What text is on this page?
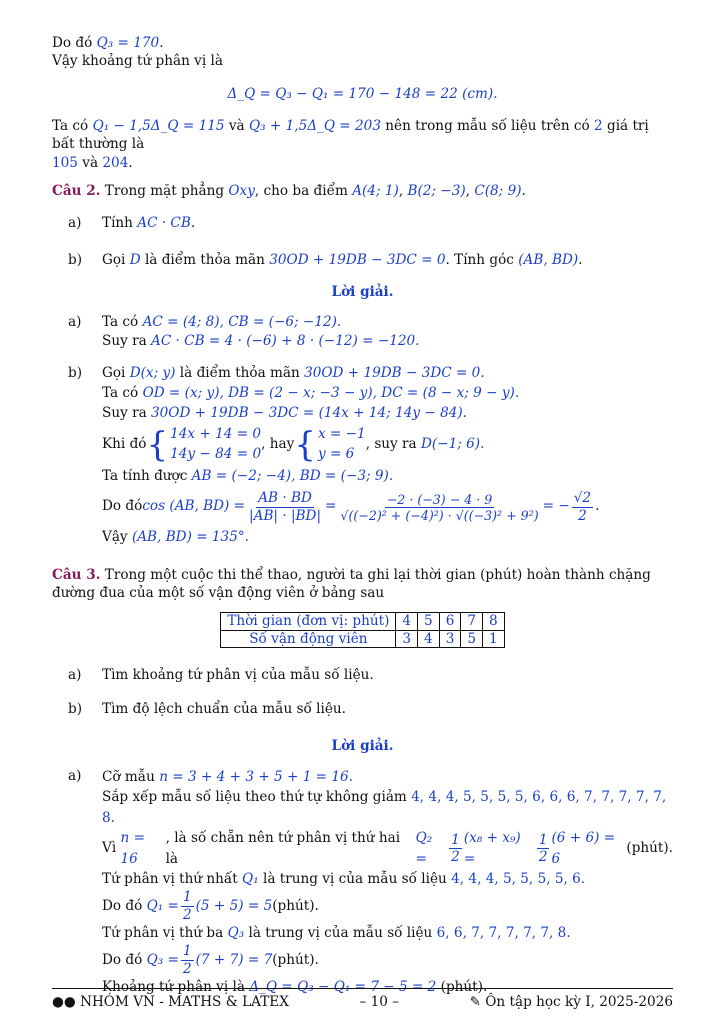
Do đó Q₃ = 170.

Vậy khoảng tứ phân vị là

Δ_Q = Q₃ − Q₁ = 170 − 148 = 22 (cm).

Ta có Q₁ − 1,5Δ_Q = 115 và Q₃ + 1,5Δ_Q = 203 nên trong mẫu số liệu trên có 2 giá trị bất thường là
105 và 204.

Câu 2. Trong mặt phẳng Oxy, cho ba điểm A(4; 1), B(2; −3), C(8; 9).

a)	Tính AC · CB.
b)	Gọi D là điểm thỏa mãn 30OD + 19DB − 3DC = 0. Tính góc (AB, BD).

Lời giải.

a)	Ta có AC = (4; 8), CB = (−6; −12).
Suy ra AC · CB = 4 · (−6) + 8 · (−12) = −120.
b)	Gọi D(x; y) là điểm thỏa mãn 30OD + 19DB − 3DC = 0.
Ta có OD = (x; y), DB = (2 − x; −3 − y), DC = (8 − x; 9 − y).
Suy ra 30OD + 19DB − 3DC = (14x + 14; 14y − 84).

Khi đó { 14x + 14 = 0
14y − 84 = 0
, hay { x = −1
y = 6
, suy ra
D(−1; 6).

Ta tính được AB = (−2; −4), BD = (−3; 9).

Do đó cos (AB, $BD) = \frac{AB \cdot BD}{|AB| \cdot |BD|} = \frac{-2 \cdot (-3) - 4 \cdot 9}{\text{√((−2)² + (−4)²) · √((−3)² + 9²)}}$ = − $\frac{√2}{2}$ .

Vậy (AB, BD) = 135°.

Câu 3. Trong một cuộc thi thể thao, người ta ghi lại thời gian (phút) hoàn thành chặng đường đua của một số vận động viên ở bảng sau

Thời gian (đơn vị: phút)	4	5	6	7	8
Số vận động viên	3	4	3	5	1
a)	Tìm khoảng tứ phân vị của mẫu số liệu.
b)	Tìm độ lệch chuẩn của mẫu số liệu.

Lời giải.

a)	Cỡ mẫu n = 3 + 4 + 3 + 5 + 1 = 16.
Sắp xếp mẫu số liệu theo thứ tự không giảm 4, 4, 4, 5, 5, 5, 5, 6, 6, 6, 7, 7, 7, 7, 7, 8.

Vì

n = 16
, là số chẵn nên tứ phân vị thứ hai là

Q₂ =	$\frac{1}{2} (x_8 + x_9)$ =	$\frac{1}{2} (6 + 6) = 6$
(phút).

Tứ phân vị thứ nhất Q₁ là trung vị của mẫu số liệu 4, 4, 4, 5, 5, 5, 5, 6.

Do đó
$Q_1 = \frac{1}{2} (5 + 5) = 5$ (phút).

Tứ phân vị thứ ba Q₃ là trung vị của mẫu số liệu 6, 6, 7, 7, 7, 7, 7, 8.

Do đó
$Q_3 = \frac{1}{2} (7 + 7) = 7$ (phút).

Khoảng tứ phân vị là Δ_Q = Q₃ − Q₁ = 7 − 5 = 2 (phút).
●● NHÓM VN - MATHS & LATEX	– 10 –	✎ Ôn tập học kỳ I, 2025-2026
